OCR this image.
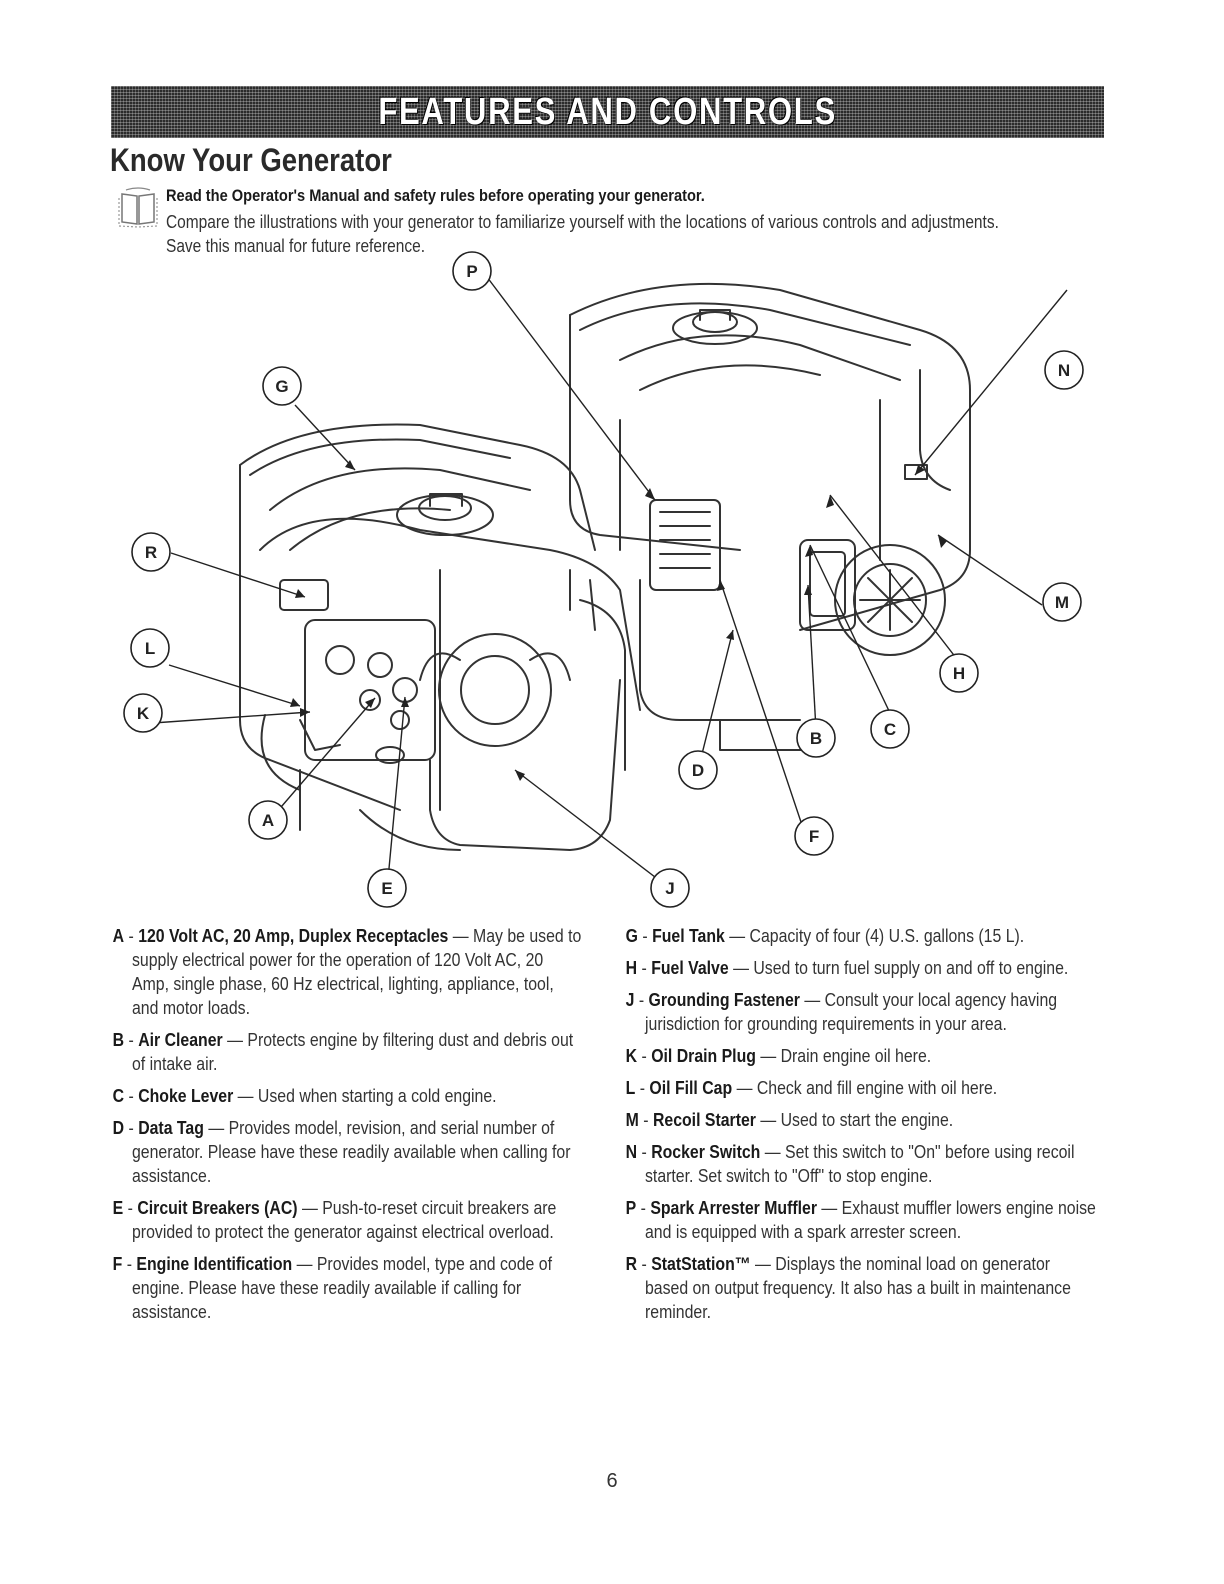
FEATURES AND CONTROLS
Know Your Generator
Read the Operator's Manual and safety rules before operating your generator.
Compare the illustrations with your generator to familiarize yourself with the locations of various controls and adjustments. Save this manual for future reference.
P
G
N
R
M
L
H
C
K
B
D
A
F
E	J
A - 120 Volt AC, 20 Amp, Duplex Receptacles — May be used to supply electrical power for the operation of 120 Volt AC, 20 Amp, single phase, 60 Hz electrical, lighting, appliance, tool, and motor loads.
B - Air Cleaner — Protects engine by filtering dust and debris out of intake air.
C - Choke Lever — Used when starting a cold engine.
D - Data Tag — Provides model, revision, and serial number of generator. Please have these readily available when calling for assistance.
E - Circuit Breakers (AC) — Push-to-reset circuit breakers are provided to protect the generator against electrical overload.
F - Engine Identification — Provides model, type and code of engine. Please have these readily available if calling for assistance.
G - Fuel Tank — Capacity of four (4) U.S. gallons (15 L).
H - Fuel Valve — Used to turn fuel supply on and off to engine.
J - Grounding Fastener — Consult your local agency having jurisdiction for grounding requirements in your area.
K - Oil Drain Plug — Drain engine oil here.
L - Oil Fill Cap — Check and fill engine with oil here.
M - Recoil Starter — Used to start the engine.
N - Rocker Switch — Set this switch to "On" before using recoil starter. Set switch to "Off" to stop engine.
P - Spark Arrester Muffler — Exhaust muffler lowers engine noise and is equipped with a spark arrester screen.
R - StatStation™ — Displays the nominal load on generator based on output frequency. It also has a built in maintenance reminder.
6
